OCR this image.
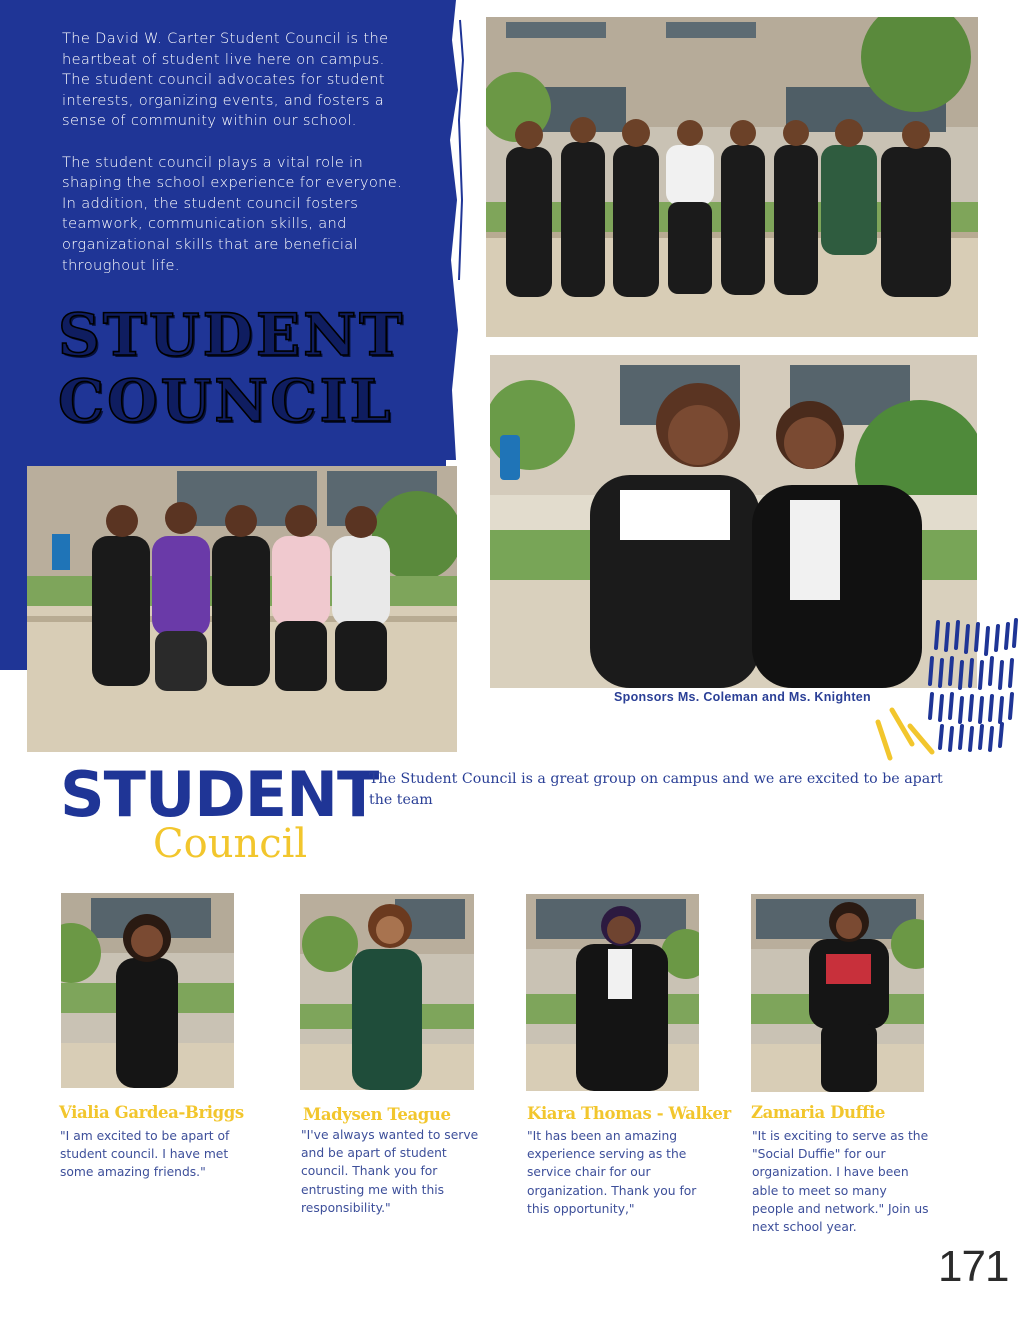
The David W. Carter Student Council is the heartbeat of student live here on campus. The student council advocates for student interests, organizing events, and fosters a sense of community within our school.

The student council plays a vital role in shaping the school experience for everyone. In addition, the student council fosters teamwork, communication skills, and organizational skills that are beneficial throughout life.

STUDENT
COUNCIL
Sponsors Ms. Coleman and Ms. Knighten
STUDENT
Council
The Student Council is a great group on campus and we are excited to be apart the team
Vialia Gardea-Briggs
"I am excited to be apart of student council. I have met some amazing friends."
Madysen Teague
"I've always wanted to serve and be apart of student council. Thank you for entrusting me with this responsibility."
Kiara Thomas - Walker
"It has been an amazing experience serving as the service chair for our organization. Thank you for this opportunity,"
Zamaria Duffie
"It is exciting to serve as the "Social Duffie" for our organization. I have been able to meet so many people and network." Join us next school year.
171
